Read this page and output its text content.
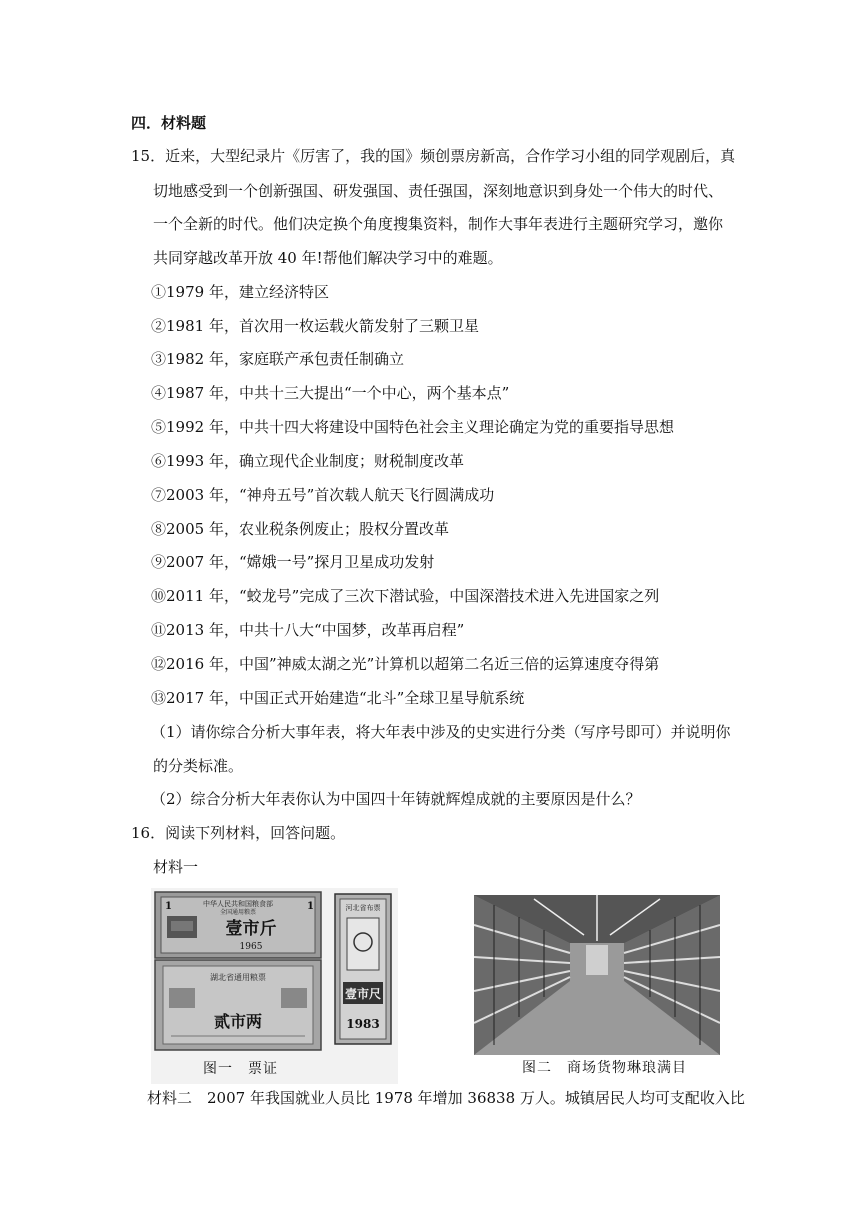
四．材料题
15．近来，大型纪录片《厉害了，我的国》频创票房新高，合作学习小组的同学观剧后，真
切地感受到一个创新强国、研发强国、责任强国，深刻地意识到身处一个伟大的时代、
一个全新的时代。他们决定换个角度搜集资料，制作大事年表进行主题研究学习，邀你
共同穿越改革开放 40 年!帮他们解决学习中的难题。
①1979 年，建立经济特区
②1981 年，首次用一枚运载火箭发射了三颗卫星
③1982 年，家庭联产承包责任制确立
④1987 年，中共十三大提出“一个中心，两个基本点”
⑤1992 年，中共十四大将建设中国特色社会主义理论确定为党的重要指导思想
⑥1993 年，确立现代企业制度；财税制度改革
⑦2003 年，“神舟五号”首次载人航天飞行圆满成功
⑧2005 年，农业税条例废止；股权分置改革
⑨2007 年，“嫦娥一号”探月卫星成功发射
⑩2011 年，“蛟龙号”完成了三次下潜试验，中国深潜技术进入先进国家之列
⑪2013 年，中共十八大“中国梦，改革再启程”
⑫2016 年，中国”神威太湖之光”计算机以超第二名近三倍的运算速度夺得第
⑬2017 年，中国正式开始建造“北斗”全球卫星导航系统
（1）请你综合分析大事年表，将大年表中涉及的史实进行分类（写序号即可）并说明你
的分类标准。
（2）综合分析大年表你认为中国四十年铸就辉煌成就的主要原因是什么？
16．阅读下列材料，回答问题。
材料一
中华人民共和国粮食部
全国通用粮票
1	1
壹市斤
1965
湖北省通用粮票
贰市两
河北省布票
壹市尺
1983
图一　票证	图二　商场货物琳琅满目
材料二　2007 年我国就业人员比 1978 年增加 36838 万人。城镇居民人均可支配收入比
